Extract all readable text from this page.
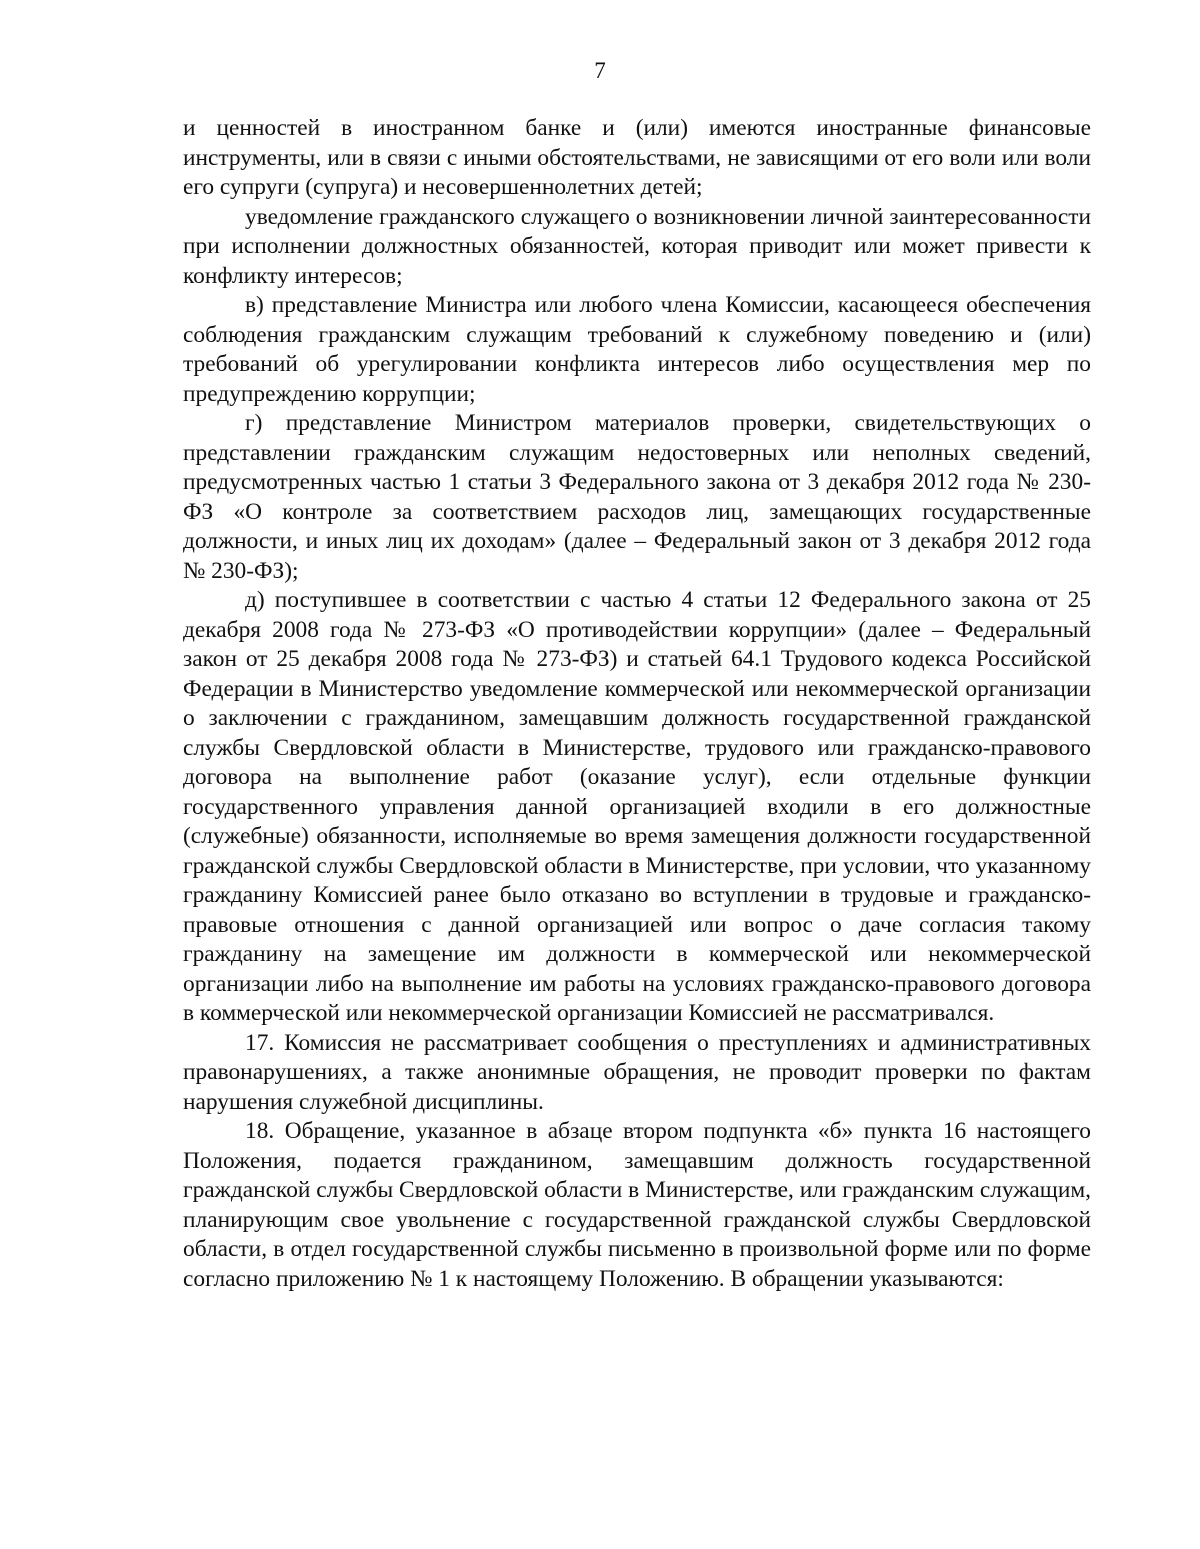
7

и ценностей в иностранном банке и (или) имеются иностранные финансовые инструменты, или в связи с иными обстоятельствами, не зависящими от его воли или воли его супруги (супруга) и несовершеннолетних детей;

уведомление гражданского служащего о возникновении личной заинтересованности при исполнении должностных обязанностей, которая приводит или может привести к конфликту интересов;

в) представление Министра или любого члена Комиссии, касающееся обеспечения соблюдения гражданским служащим требований к служебному поведению и (или) требований об урегулировании конфликта интересов либо осуществления мер по предупреждению коррупции;

г) представление Министром материалов проверки, свидетельствующих о представлении гражданским служащим недостоверных или неполных сведений, предусмотренных частью 1 статьи 3 Федерального закона от 3 декабря 2012 года № 230-ФЗ «О контроле за соответствием расходов лиц, замещающих государственные должности, и иных лиц их доходам» (далее – Федеральный закон от 3 декабря 2012 года № 230-ФЗ);

д) поступившее в соответствии с частью 4 статьи 12 Федерального закона от 25 декабря 2008 года № 273-ФЗ «О противодействии коррупции» (далее – Федеральный закон от 25 декабря 2008 года № 273-ФЗ) и статьей 64.1 Трудового кодекса Российской Федерации в Министерство уведомление коммерческой или некоммерческой организации о заключении с гражданином, замещавшим должность государственной гражданской службы Свердловской области в Министерстве, трудового или гражданско-правового договора на выполнение работ (оказание услуг), если отдельные функции государственного управления данной организацией входили в его должностные (служебные) обязанности, исполняемые во время замещения должности государственной гражданской службы Свердловской области в Министерстве, при условии, что указанному гражданину Комиссией ранее было отказано во вступлении в трудовые и гражданско-правовые отношения с данной организацией или вопрос о даче согласия такому гражданину на замещение им должности в коммерческой или некоммерческой организации либо на выполнение им работы на условиях гражданско-правового договора в коммерческой или некоммерческой организации Комиссией не рассматривался.

17. Комиссия не рассматривает сообщения о преступлениях и административных правонарушениях, а также анонимные обращения, не проводит проверки по фактам нарушения служебной дисциплины.

18. Обращение, указанное в абзаце втором подпункта «б» пункта 16 настоящего Положения, подается гражданином, замещавшим должность государственной гражданской службы Свердловской области в Министерстве, или гражданским служащим, планирующим свое увольнение с государственной гражданской службы Свердловской области, в отдел государственной службы письменно в произвольной форме или по форме согласно приложению № 1 к настоящему Положению. В обращении указываются:
